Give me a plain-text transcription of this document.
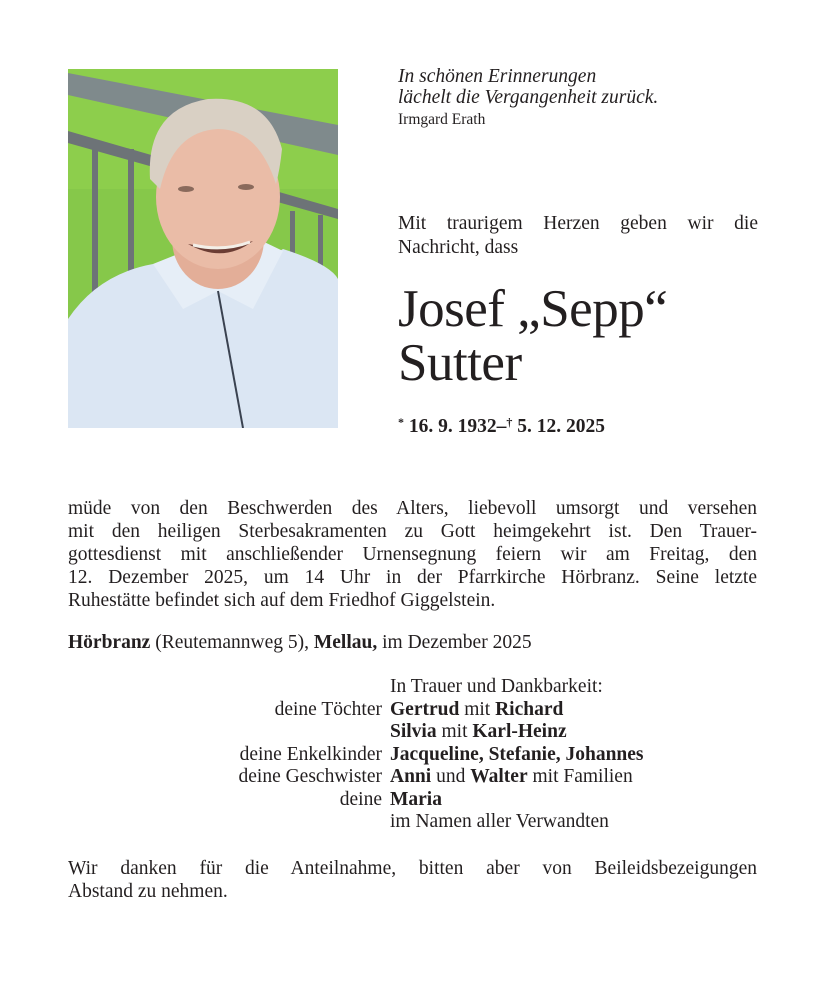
In schönen Erinnerungen
lächelt die Vergangenheit zurück.
Irmgard Erath
Mit traurigem Herzen geben wir die
Nachricht, dass
Josef „Sepp“
Sutter
* 16. 9. 1932–† 5. 12. 2025
müde von den Beschwerden des Alters, liebevoll umsorgt und versehen
mit den heiligen Sterbesakramenten zu Gott heimgekehrt ist. Den Trauer-
gottesdienst mit anschließender Urnensegnung feiern wir am Freitag, den
12. Dezember 2025, um 14 Uhr in der Pfarrkirche Hörbranz. Seine letzte
Ruhestätte befindet sich auf dem Friedhof Giggelstein.
Hörbranz (Reutemannweg 5), Mellau, im Dezember 2025
In Trauer und Dankbarkeit:
deine Töchter Gertrud mit Richard
Silvia mit Karl-Heinz
deine Enkelkinder Jacqueline, Stefanie, Johannes
deine Geschwister Anni und Walter mit Familien
deine Maria
im Namen aller Verwandten
Wir danken für die Anteilnahme, bitten aber von Beileidsbezeigungen
Abstand zu nehmen.
